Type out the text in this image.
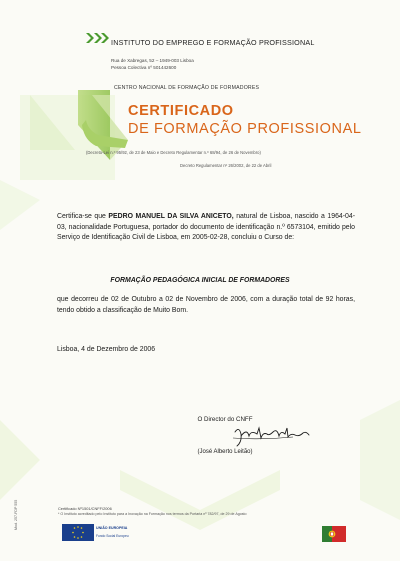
INSTITUTO DO EMPREGO E FORMAÇÃO PROFISSIONAL
Rua de Xabregas, 52 – 1949-003 Lisboa
Pessoa Colectiva nº 501442600
CENTRO NACIONAL DE FORMAÇÃO DE FORMADORES
CERTIFICADO
DE FORMAÇÃO PROFISSIONAL
(Decreto-Lei n.º 95/92, de 23 de Maio e Decreto Regulamentar n.º 68/94, de 26 de Novembro)
Decreto Regulamentar nº 26/2002, de 22 de Abril
Certifica-se que PEDRO MANUEL DA SILVA ANICETO, natural de Lisboa, nascido a 1964-04-03, nacionalidade Portuguesa, portador do documento de identificação n.º 6573104, emitido pelo Serviço de Identificação Civil de Lisboa, em 2005-02-28, concluiu o Curso de:
FORMAÇÃO PEDAGÓGICA INICIAL DE FORMADORES
que decorreu de 02 de Outubro a 02 de Novembro de 2006, com a duração total de 92 horas, tendo obtido a classificação de Muito Bom.
Lisboa, 4 de Dezembro de 2006
O Director do CNFF
(José Alberto Leitão)
Certificado Nº1501/CNFF/2006
* O Instituto acreditado pelo Instituto para a Inovação na Formação nos termos da Portaria nº 782/97, de 29 de Agosto
Mod. 257-FDP 555	UNIÃO EUROPEIA
Fundo Social Europeu
